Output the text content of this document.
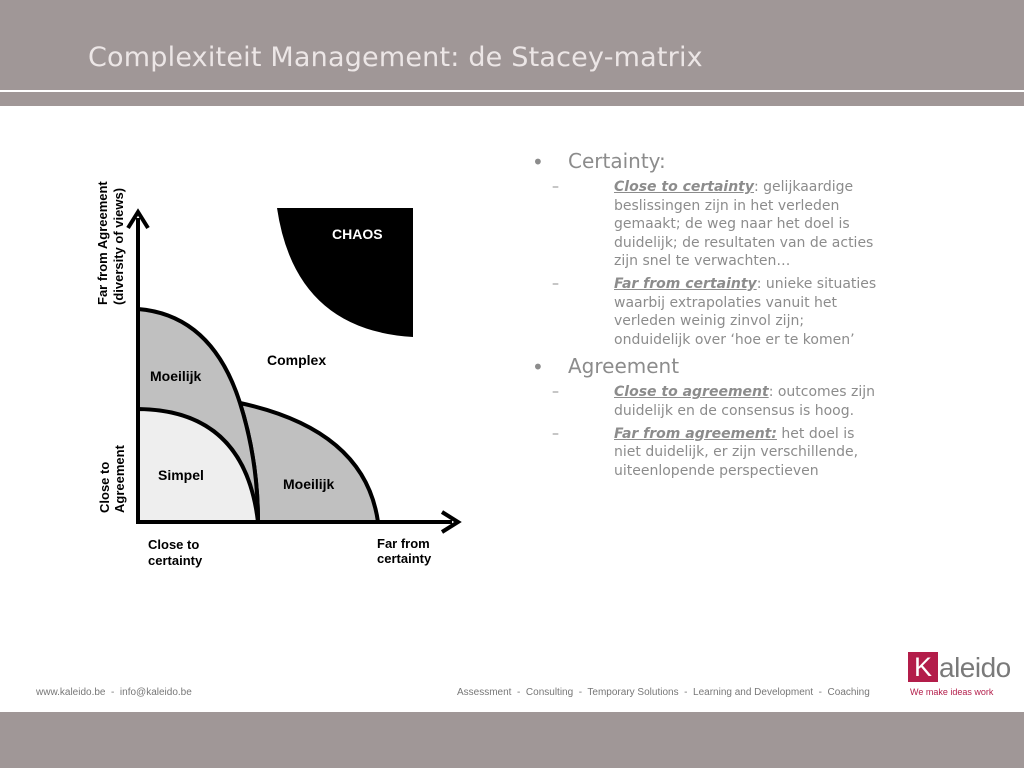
Complexiteit Management: de Stacey-matrix
CHAOS
Complex
Moeilijk
Simpel
Moeilijk
Far from Agreement (diversity of views)
Close to Agreement
Close to
certainty
Far from
certainty
• Certainty:
–	Close to certainty: gelijkaardige beslissingen zijn in het verleden gemaakt; de weg naar het doel is duidelijk; de resultaten van de acties zijn snel te verwachten…
–	Far from certainty: unieke situaties waarbij extrapolaties vanuit het verleden weinig zinvol zijn; onduidelijk over ‘hoe er te komen’
• Agreement
–	Close to agreement: outcomes zijn duidelijk en de consensus is hoog.
–	Far from agreement: het doel is niet duidelijk, er zijn verschillende, uiteenlopende perspectieven
www.kaleido.be  -  info@kaleido.be	Assessment  -  Consulting  -  Temporary Solutions  -  Learning and Development  -  Coaching
K aleido
We make ideas work
